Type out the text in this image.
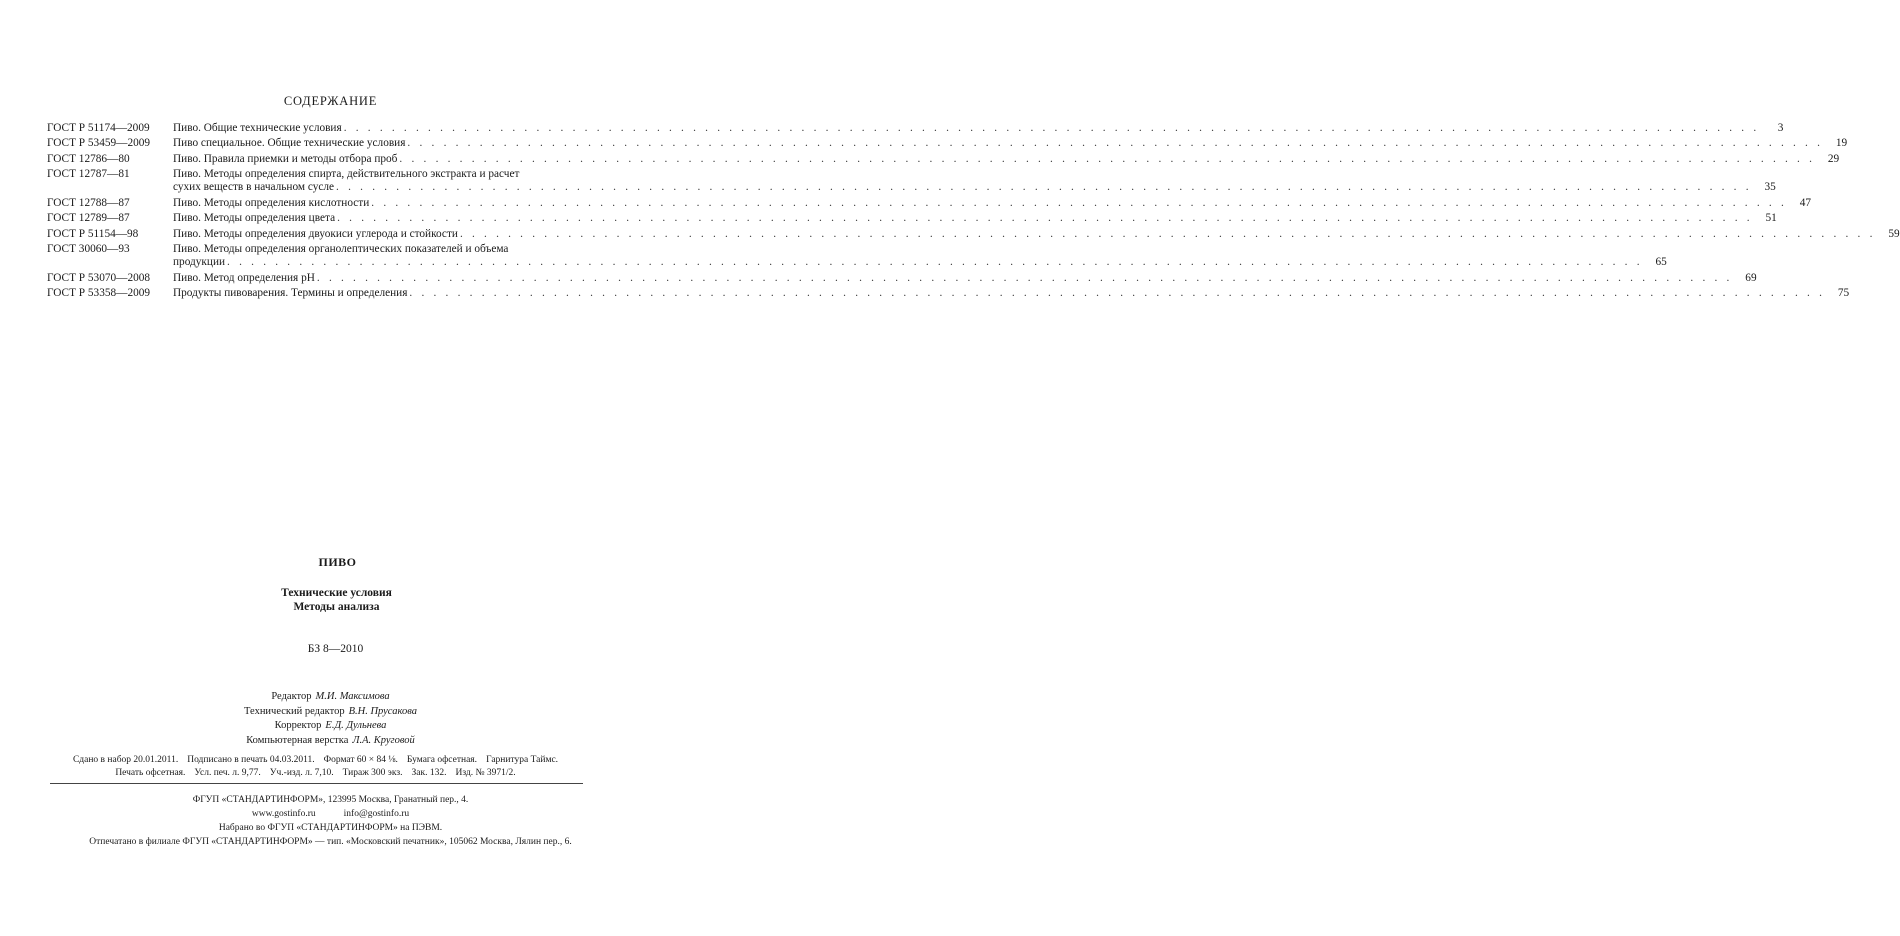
СОДЕРЖАНИЕ
ГОСТ Р 51174—2009	Пиво. Общие технические условия . . .	3
ГОСТ Р 53459—2009	Пиво специальное. Общие технические условия . . .	19
ГОСТ 12786—80	Пиво. Правила приемки и методы отбора проб . . .	29
ГОСТ 12787—81	Пиво. Методы определения спирта, действительного экстракта и расчет
сухих веществ в начальном сусле . . .	35
ГОСТ 12788—87	Пиво. Методы определения кислотности . . .	47
ГОСТ 12789—87	Пиво. Методы определения цвета . . .	51
ГОСТ Р 51154—98	Пиво. Методы определения двуокиси углерода и стойкости . . .	59
ГОСТ 30060—93	Пиво. Методы определения органолептических показателей и объема
продукции . . .	65
ГОСТ Р 53070—2008	Пиво. Метод определения pH . . .	69
ГОСТ Р 53358—2009	Продукты пивоварения. Термины и определения . . .	75
ПИВО
Технические условия
Методы анализа
БЗ 8—2010
Редактор М.И. Максимова
Технический редактор В.Н. Прусакова
Корректор Е.Д. Дульнева
Компьютерная верстка Л.А. Круговой
Сдано в набор 20.01.2011. Подписано в печать 04.03.2011. Формат 60 × 84 ⅛. Бумага офсетная. Гарнитура Таймс.
Печать офсетная. Усл. печ. л. 9,77. Уч.-изд. л. 7,10. Тираж 300 экз. Зак. 132. Изд. № 3971/2.
ФГУП «СТАНДАРТИНФОРМ», 123995 Москва, Гранатный пер., 4.
www.gostinfo.ru	info@gostinfo.ru
Набрано во ФГУП «СТАНДАРТИНФОРМ» на ПЭВМ.
Отпечатано в филиале ФГУП «СТАНДАРТИНФОРМ» — тип. «Московский печатник», 105062 Москва, Лялин пер., 6.
